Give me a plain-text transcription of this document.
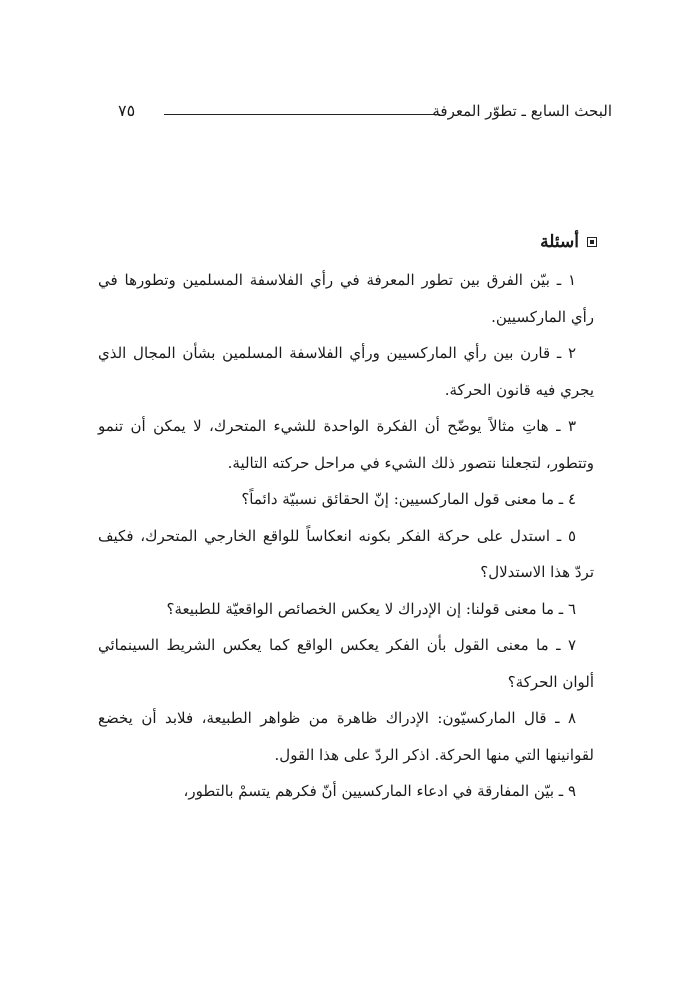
البحث السابع ـ تطوّر المعرفة
٧٥
أسئلة

١ ـ بيّن الفرق بين تطور المعرفة في رأي الفلاسفة المسلمين وتطورها في رأي الماركسيين.

٢ ـ قارن بين رأي الماركسيين ورأي الفلاسفة المسلمين بشأن المجال الذي يجري فيه قانون الحركة.

٣ ـ هاتِ مثالاً يوضّح أن الفكرة الواحدة للشيء المتحرك، لا يمكن أن تنمو وتتطور، لتجعلنا نتصور ذلك الشيء في مراحل حركته التالية.

٤ ـ ما معنى قول الماركسيين: إنّ الحقائق نسبيّة دائماً؟

٥ ـ استدل على حركة الفكر بكونه انعكاساً للواقع الخارجي المتحرك، فكيف تردّ هذا الاستدلال؟

٦ ـ ما معنى قولنا: إن الإدراك لا يعكس الخصائص الواقعيّة للطبيعة؟

٧ ـ ما معنى القول بأن الفكر يعكس الواقع كما يعكس الشريط السينمائي ألوان الحركة؟

٨ ـ قال الماركسيّون: الإدراك ظاهرة من ظواهر الطبيعة، فلابد أن يخضع لقوانينها التي منها الحركة. اذكر الردّ على هذا القول.

٩ ـ بيّن المفارقة في ادعاء الماركسيين أنّ فكرهم يتسمْ بالتطور،
